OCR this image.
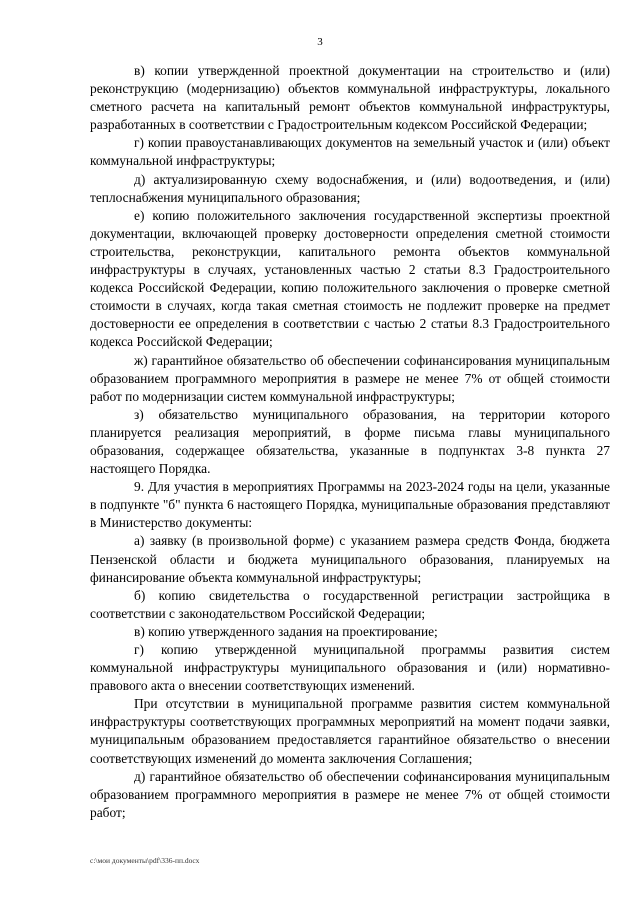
3

в) копии утвержденной проектной документации на строительство и (или) реконструкцию (модернизацию) объектов коммунальной инфраструктуры, локального сметного расчета на капитальный ремонт объектов коммунальной инфраструктуры, разработанных в соответствии с Градостроительным кодексом Российской Федерации;

г) копии правоустанавливающих документов на земельный участок и (или) объект коммунальной инфраструктуры;

д) актуализированную схему водоснабжения, и (или) водоотведения, и (или) теплоснабжения муниципального образования;

е) копию положительного заключения государственной экспертизы проектной документации, включающей проверку достоверности определения сметной стоимости строительства, реконструкции, капитального ремонта объектов коммунальной инфраструктуры в случаях, установленных частью 2 статьи 8.3 Градостроительного кодекса Российской Федерации, копию положительного заключения о проверке сметной стоимости в случаях, когда такая сметная стоимость не подлежит проверке на предмет достоверности ее определения в соответствии с частью 2 статьи 8.3 Градостроительного кодекса Российской Федерации;

ж) гарантийное обязательство об обеспечении софинансирования муниципальным образованием программного мероприятия в размере не менее 7% от общей стоимости работ по модернизации систем коммунальной инфраструктуры;

з) обязательство муниципального образования, на территории которого планируется реализация мероприятий, в форме письма главы муниципального образования, содержащее обязательства, указанные в подпунктах 3-8 пункта 27 настоящего Порядка.

9. Для участия в мероприятиях Программы на 2023-2024 годы на цели, указанные в подпункте "б" пункта 6 настоящего Порядка, муниципальные образования представляют в Министерство документы:

а) заявку (в произвольной форме) с указанием размера средств Фонда, бюджета Пензенской области и бюджета муниципального образования, планируемых на финансирование объекта коммунальной инфраструктуры;

б) копию свидетельства о государственной регистрации застройщика в соответствии с законодательством Российской Федерации;

в) копию утвержденного задания на проектирование;

г) копию утвержденной муниципальной программы развития систем коммунальной инфраструктуры муниципального образования и (или) нормативно-правового акта о внесении соответствующих изменений.

При отсутствии в муниципальной программе развития систем коммунальной инфраструктуры соответствующих программных мероприятий на момент подачи заявки, муниципальным образованием предоставляется гарантийное обязательство о внесении соответствующих изменений до момента заключения Соглашения;

д) гарантийное обязательство об обеспечении софинансирования муниципальным образованием программного мероприятия в размере не менее 7% от общей стоимости работ;

c:\мои документы\pdf\336-пп.docx
